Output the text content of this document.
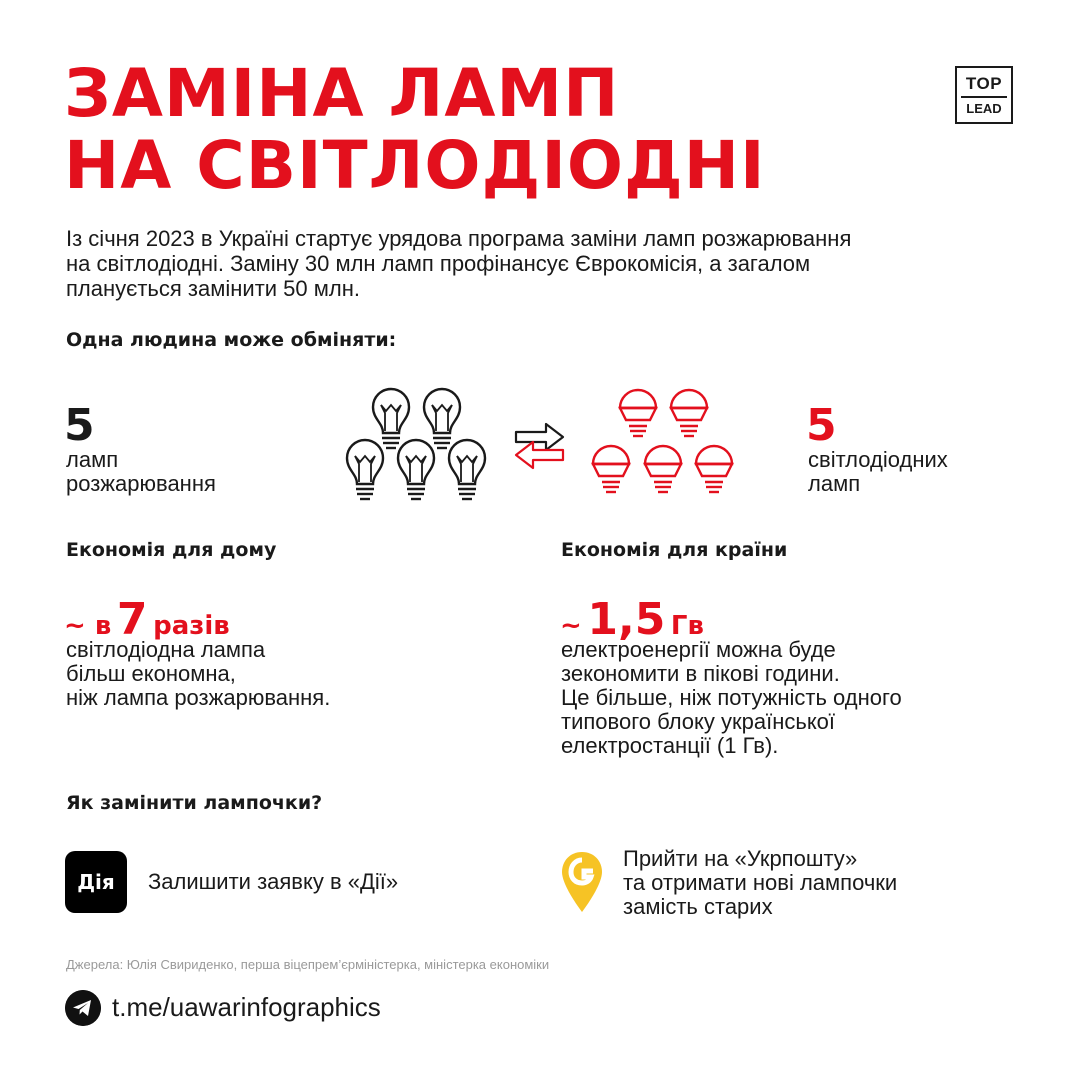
ЗАМІНА ЛАМП
НА СВІТЛОДІОДНІ
TOP
LEAD
Із січня 2023 в Україні стартує урядова програма заміни ламп розжарювання
на світлодіодні. Заміну 30 млн ламп профінансує Єврокомісія, а загалом
планується замінити 50 млн.
Одна людина може обміняти:
5
ламп
розжарювання
5
світлодіодних
ламп
Економія для дому
~ в 7 разів
світлодіодна лампа
більш економна,
ніж лампа розжарювання.
Економія для країни
~ 1,5 Гв
електроенергії можна буде
зекономити в пікові години.
Це більше, ніж потужність одного
типового блоку української
електростанції (1 Гв).
Як замінити лампочки?
Дія	Залишити заявку в «Дії»
Прийти на «Укрпошту»
та отримати нові лампочки
замість старих
Джерела: Юлія Свириденко, перша віцепрем’єрміністерка, міністерка економіки
t.me/uawarinfographics
